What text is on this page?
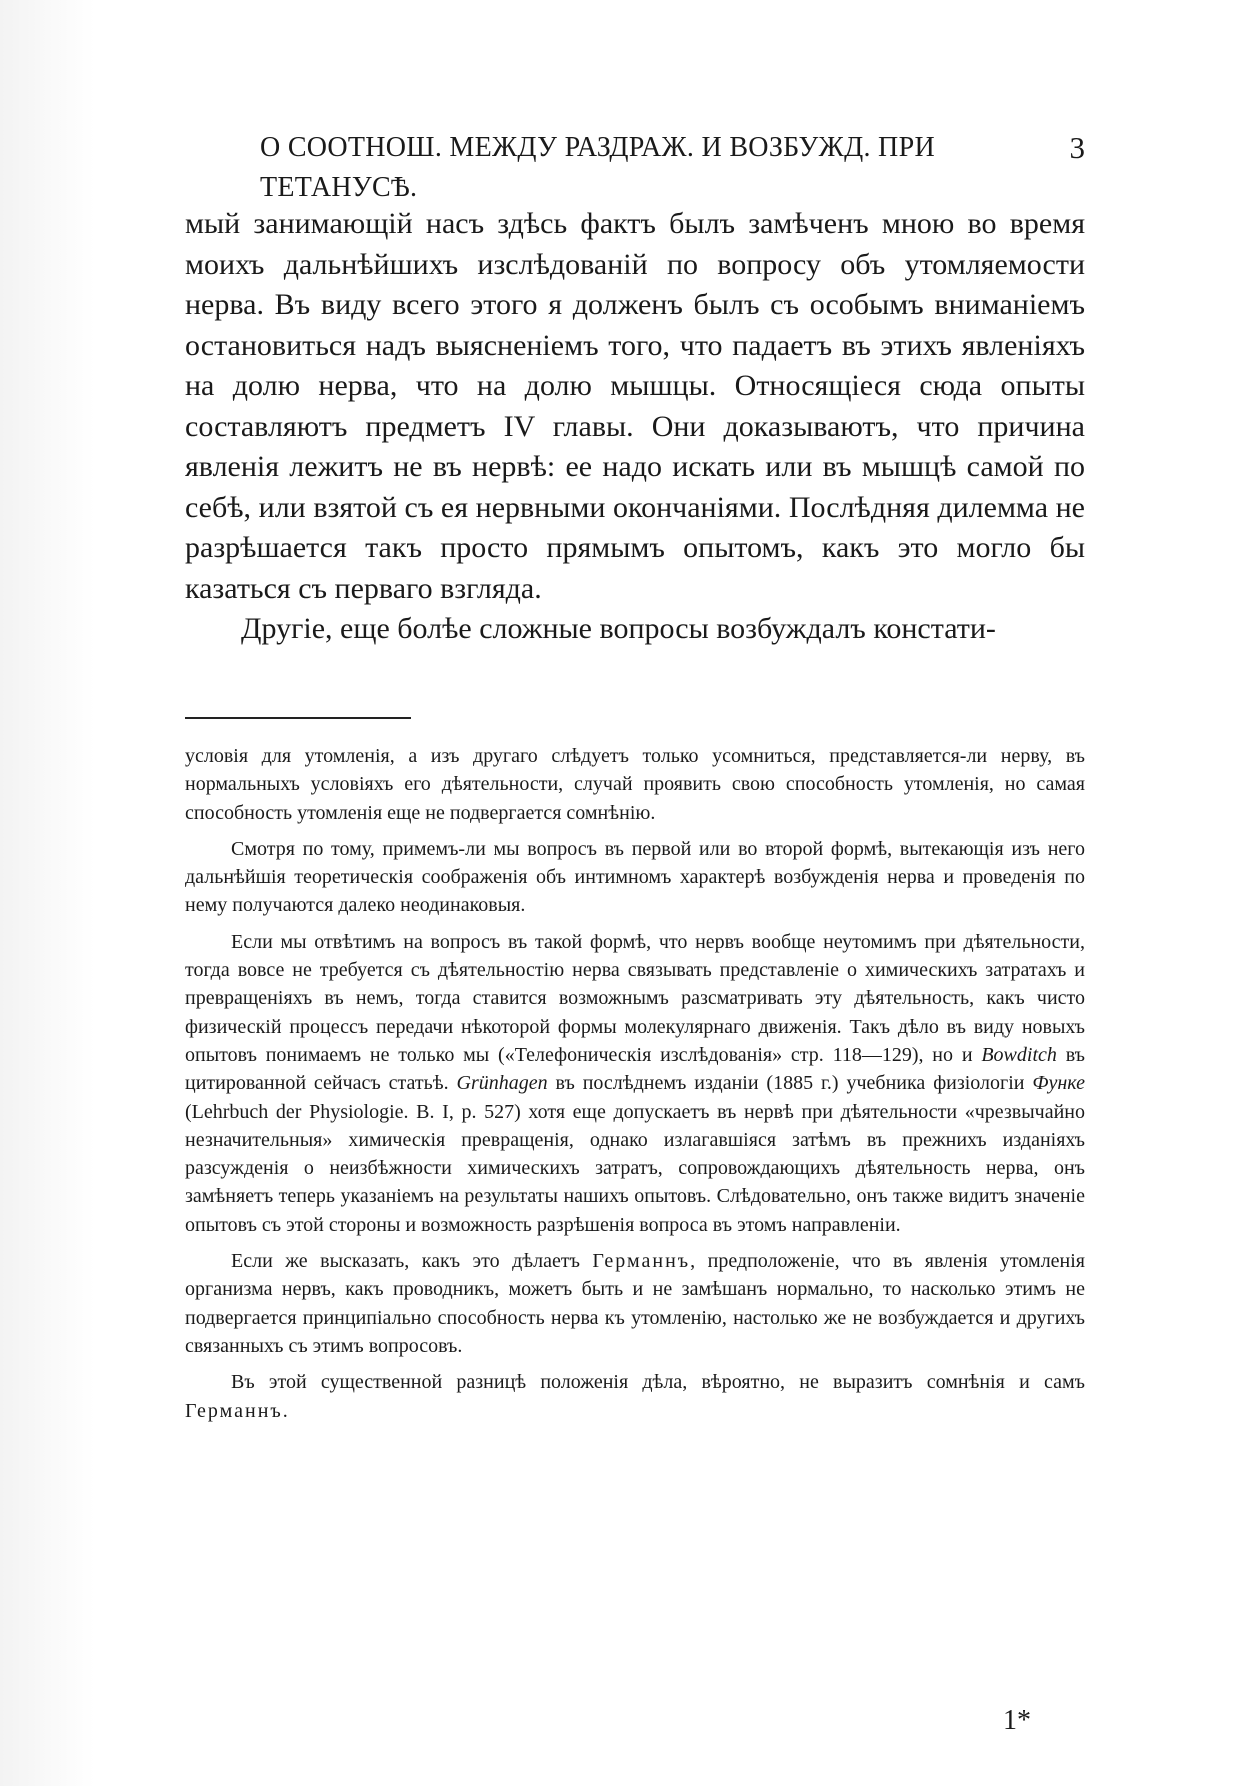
О СООТНОШ. МЕЖДУ РАЗДРАЖ. И ВОЗБУЖД. ПРИ ТЕТАНУСѢ.
3

мый занимающій насъ здѣсь фактъ былъ замѣченъ мною во время моихъ дальнѣйшихъ изслѣдованій по вопросу объ утомляемости нерва. Въ виду всего этого я долженъ былъ съ особымъ вниманіемъ остановиться надъ выясненіемъ того, что падаетъ въ этихъ явленіяхъ на долю нерва, что на долю мышцы. Относящіеся сюда опыты составляютъ предметъ IV главы. Они доказываютъ, что причина явленія лежитъ не въ нервѣ: ее надо искать или въ мышцѣ самой по себѣ, или взятой съ ея нервными окончаніями. Послѣдняя дилемма не разрѣшается такъ просто прямымъ опытомъ, какъ это могло бы казаться съ перваго взгляда.

Другіе, еще болѣе сложные вопросы возбуждалъ констати-

условія для утомленія, а изъ другаго слѣдуетъ только усомниться, представляется-ли нерву, въ нормальныхъ условіяхъ его дѣятельности, случай проявить свою способность утомленія, но самая способность утомленія еще не подвергается сомнѣнію.

Смотря по тому, примемъ-ли мы вопросъ въ первой или во второй формѣ, вытекающія изъ него дальнѣйшія теоретическія соображенія объ интимномъ характерѣ возбужденія нерва и проведенія по нему получаются далеко неодинаковыя.

Если мы отвѣтимъ на вопросъ въ такой формѣ, что нервъ вообще неутомимъ при дѣятельности, тогда вовсе не требуется съ дѣятельностію нерва связывать представленіе о химическихъ затратахъ и превращеніяхъ въ немъ, тогда ставится возможнымъ разсматривать эту дѣятельность, какъ чисто физическій процессъ передачи нѣкоторой формы молекулярнаго движенія. Такъ дѣло въ виду новыхъ опытовъ понимаемъ не только мы («Телефоническія изслѣдованія» стр. 118—129), но и Bowditch въ цитированной сейчасъ статьѣ. Grünhagen въ послѣднемъ изданіи (1885 г.) учебника физіологіи Функе (Lehrbuch der Physiologie. B. I, p. 527) хотя еще допускаетъ въ нервѣ при дѣятельности «чрезвычайно незначительныя» химическія превращенія, однако излагавшіяся затѣмъ въ прежнихъ изданіяхъ разсужденія о неизбѣжности химическихъ затратъ, сопровождающихъ дѣятельность нерва, онъ замѣняетъ теперь указаніемъ на результаты нашихъ опытовъ. Слѣдовательно, онъ также видитъ значеніе опытовъ съ этой стороны и возможность разрѣшенія вопроса въ этомъ направленіи.

Если же высказать, какъ это дѣлаетъ Германнъ, предположеніе, что въ явленія утомленія организма нервъ, какъ проводникъ, можетъ быть и не замѣшанъ нормально, то насколько этимъ не подвергается принципіально способность нерва къ утомленію, настолько же не возбуждается и другихъ связанныхъ съ этимъ вопросовъ.

Въ этой существенной разницѣ положенія дѣла, вѣроятно, не выразитъ сомнѣнія и самъ Германнъ.

1*
